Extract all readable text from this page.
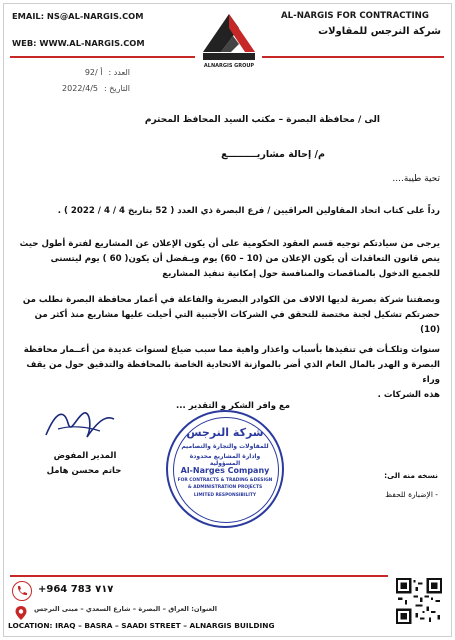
EMAIL: NS@AL-NARGIS.COM
WEB: WWW.AL-NARGIS.COM
ALNARGIS GROUP
AL-NARGIS FOR CONTRACTING
شركة النرجس للمقاولات
العدد :
92/ أ
التاريخ :
2022/4/5
الى / محافظة البصرة – مكتب السيد المحافظ المحترم
م/ إحالة مشاريـــــــــع
تحية طيبة....
رداً على كتاب اتحاد المقاولين العراقيين / فرع البصرة ذي العدد ( 52 بتاريخ 4 / 4 / 2022 ) .
يرجى من سيادتكم توجيه قسم العقود الحكومية على أن يكون الإعلان عن المشاريع لفترة أطول حيث
ينص قانون التعاقدات أن يكون الإعلان من (10 – 60) يوم ويـفضل أن يكون( 60 ) يوم ليتسنى
للجميع الدخول بالمناقصات والمنافسة حول إمكانية تنفيذ المشاريع
وبصفتنا شركة بصرية لديها الالاف من الكوادر البصرية والفاعلة في أعمار محافظة البصرة نطلب من
حضرتكم تشكيل لجنة مختصة للتحقق في الشركات الأجنبية التي أحيلت عليها مشاريع منذ أكثر من (10)
سنوات وتلكـأت في تنفيذها بأسباب واعذار واهية مما سبب ضياع لسنوات عديدة من أعــمار محافظة
البصرة و الهدر بالمال العام الذي أضر بالموازنة الاتحادية الخاصة بالمحافظة والتدقيق حول من يقف وراء
هذه الشركات .
مع وافر الشكر و التقدير ...
المدير المفوض
حاتم محسن هامل
شركة النرجس
للمقاولات والتجارة والتصاميم
وادارة المشاريع محدودة المسؤولية
Al-Narges Company
FOR CONTRACTS & TRADING &DESIGN
& ADMINISTRATION PROJECTS
LIMITED RESPONSIBILITY
نسخه منه الى:
- الإضبارة للحفظ
+964 783 ٧١٧
العنوان: العراق – البصرة – شارع السعدي – مبنى النرجس
LOCATION: IRAQ – BASRA – SAADI STREET – ALNARGIS BUILDING
